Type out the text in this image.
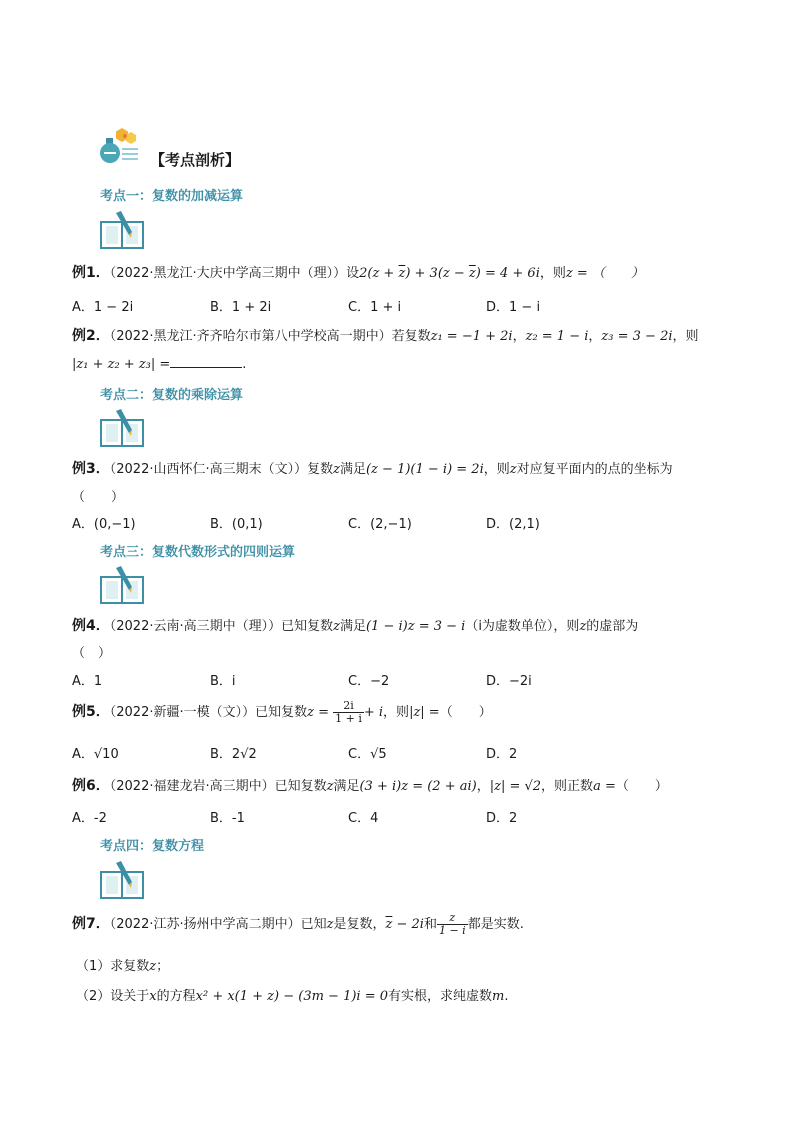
【考点剖析】
考点一：复数的加减运算
例1．（2022·黑龙江·大庆中学高三期中（理））设$2(z + \overline{z}) + 3(z - \overline{z}) = 4 + 6i$，则z = （　　）
A．1 − 2i	B．1 + 2i	C．1 + i	D．1 − i
例2．（2022·黑龙江·齐齐哈尔市第八中学校高一期中）若复数z₁ = −1 + 2i，z₂ = 1 − i，z₃ = 3 − 2i，则
|z₁ + z₂ + z₃| =	.
考点二：复数的乘除运算
例3．（2022·山西怀仁·高三期末（文））复数z满足(z − 1)(1 − i) = 2i，则z对应复平面内的点的坐标为
（　　）
A．(0,−1)	B．(0,1)	C．(2,−1)	D．(2,1)
考点三：复数代数形式的四则运算
例4．（2022·云南·高三期中（理））已知复数z满足(1 − i)z = 3 − i（i为虚数单位），则z的虚部为
（　）
A．1	B．i	C．−2	D．−2i
例5．（2022·新疆·一模（文））已知复数$z = \frac{2i}{1 + i} + i$，则|z| =（　　）
A．√10	B．2√2	C．√5	D．2
例6．（2022·福建龙岩·高三期中）已知复数z满足(3 + i)z = (2 + ai)，|z| = √2，则正数a =（　　）
A．-2	B．-1	C．4	D．2
考点四：复数方程
例7．（2022·江苏·扬州中学高二期中）已知z是复数，$\overline{z} - 2i$和 $\frac{z}{1 - i}$ 都是实数.
（1）求复数z；
（2）设关于x的方程x² + x(1 + z) − (3m − 1)i = 0有实根，求纯虚数m.
